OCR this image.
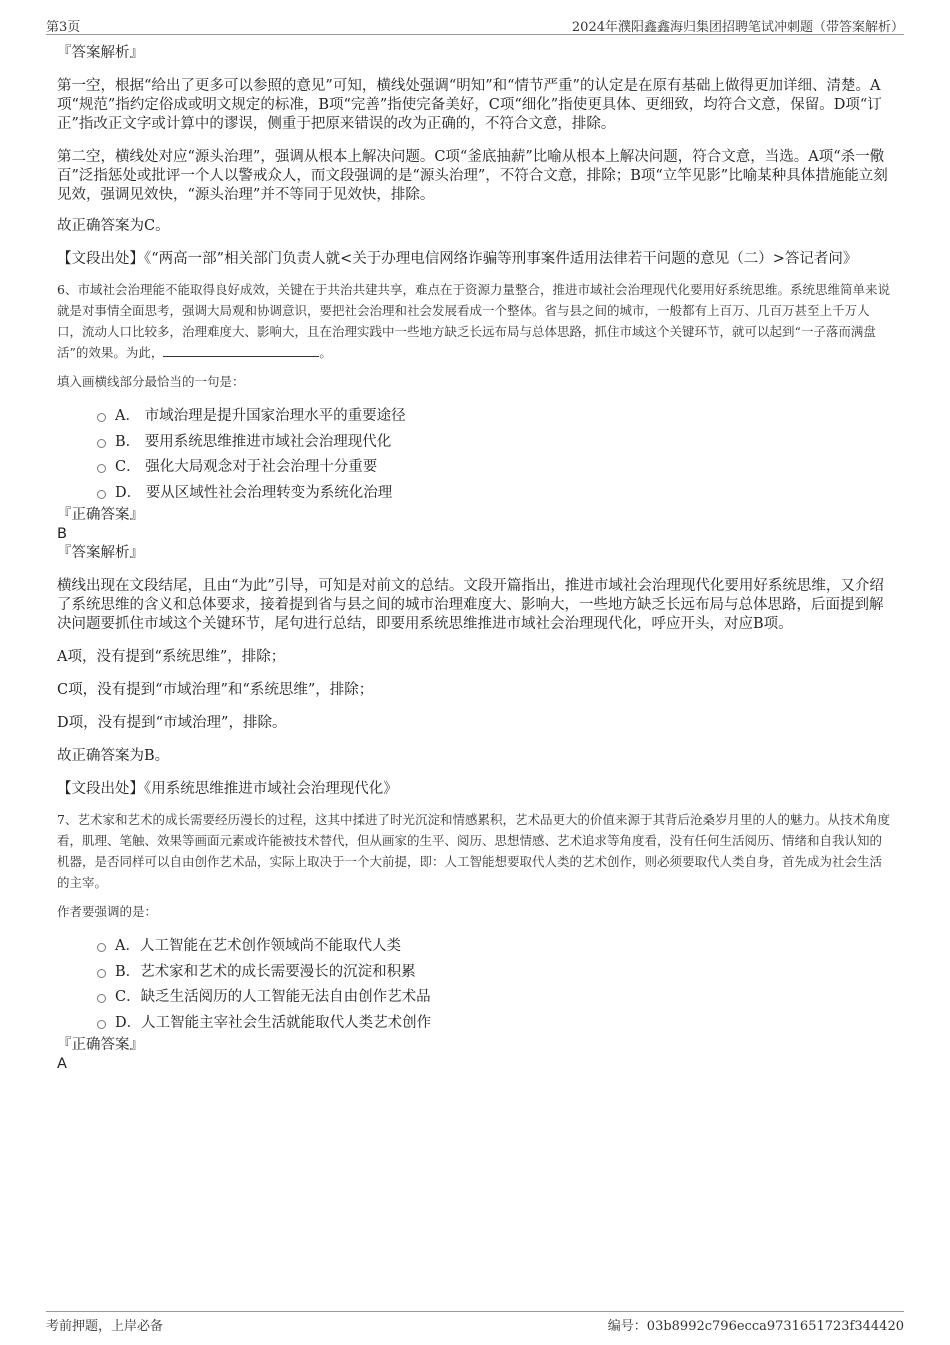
第3页	2024年濮阳鑫鑫海归集团招聘笔试冲刺题（带答案解析）

『答案解析』

第一空，根据“给出了更多可以参照的意见”可知，横线处强调“明知”和“情节严重”的认定是在原有基础上做得更加详细、清楚。A项“规范”指约定俗成或明文规定的标准，B项“完善”指使完备美好，C项“细化”指使更具体、更细致，均符合文意，保留。D项“订正”指改正文字或计算中的谬误，侧重于把原来错误的改为正确的，不符合文意，排除。

第二空，横线处对应“源头治理”，强调从根本上解决问题。C项“釜底抽薪”比喻从根本上解决问题，符合文意，当选。A项“杀一儆百”泛指惩处或批评一个人以警戒众人，而文段强调的是“源头治理”，不符合文意，排除；B项“立竿见影”比喻某种具体措施能立刻见效，强调见效快，“源头治理”并不等同于见效快，排除。

故正确答案为C。

【文段出处】《“两高一部”相关部门负责人就<关于办理电信网络诈骗等刑事案件适用法律若干问题的意见（二）>答记者问》

6、市域社会治理能不能取得良好成效，关键在于共治共建共享，难点在于资源力量整合，推进市域社会治理现代化要用好系统思维。系统思维简单来说就是对事情全面思考，强调大局观和协调意识，要把社会治理和社会发展看成一个整体。省与县之间的城市，一般都有上百万、几百万甚至上千万人口，流动人口比较多，治理难度大、影响大，且在治理实践中一些地方缺乏长远布局与总体思路，抓住市域这个关键环节，就可以起到“一子落而满盘活”的效果。为此，	。

填入画横线部分最恰当的一句是：

A． 市域治理是提升国家治理水平的重要途径
B． 要用系统思维推进市域社会治理现代化
C． 强化大局观念对于社会治理十分重要
D． 要从区域性社会治理转变为系统化治理

『正确答案』

B

『答案解析』

横线出现在文段结尾，且由“为此”引导，可知是对前文的总结。文段开篇指出，推进市域社会治理现代化要用好系统思维，又介绍了系统思维的含义和总体要求，接着提到省与县之间的城市治理难度大、影响大，一些地方缺乏长远布局与总体思路，后面提到解决问题要抓住市域这个关键环节，尾句进行总结，即要用系统思维推进市域社会治理现代化，呼应开头，对应B项。

A项，没有提到“系统思维”，排除；

C项，没有提到“市域治理”和“系统思维”，排除；

D项，没有提到“市域治理”，排除。

故正确答案为B。

【文段出处】《用系统思维推进市域社会治理现代化》

7、艺术家和艺术的成长需要经历漫长的过程，这其中揉进了时光沉淀和情感累积，艺术品更大的价值来源于其背后沧桑岁月里的人的魅力。从技术角度看，肌理、笔触、效果等画面元素或许能被技术替代，但从画家的生平、阅历、思想情感、艺术追求等角度看，没有任何生活阅历、情绪和自我认知的机器，是否同样可以自由创作艺术品，实际上取决于一个大前提，即：人工智能想要取代人类的艺术创作，则必须要取代人类自身，首先成为社会生活的主宰。

作者要强调的是：

A．人工智能在艺术创作领域尚不能取代人类
B．艺术家和艺术的成长需要漫长的沉淀和积累
C．缺乏生活阅历的人工智能无法自由创作艺术品
D．人工智能主宰社会生活就能取代人类艺术创作

『正确答案』

A

考前押题，上岸必备	编号：03b8992c796ecca9731651723f344420
